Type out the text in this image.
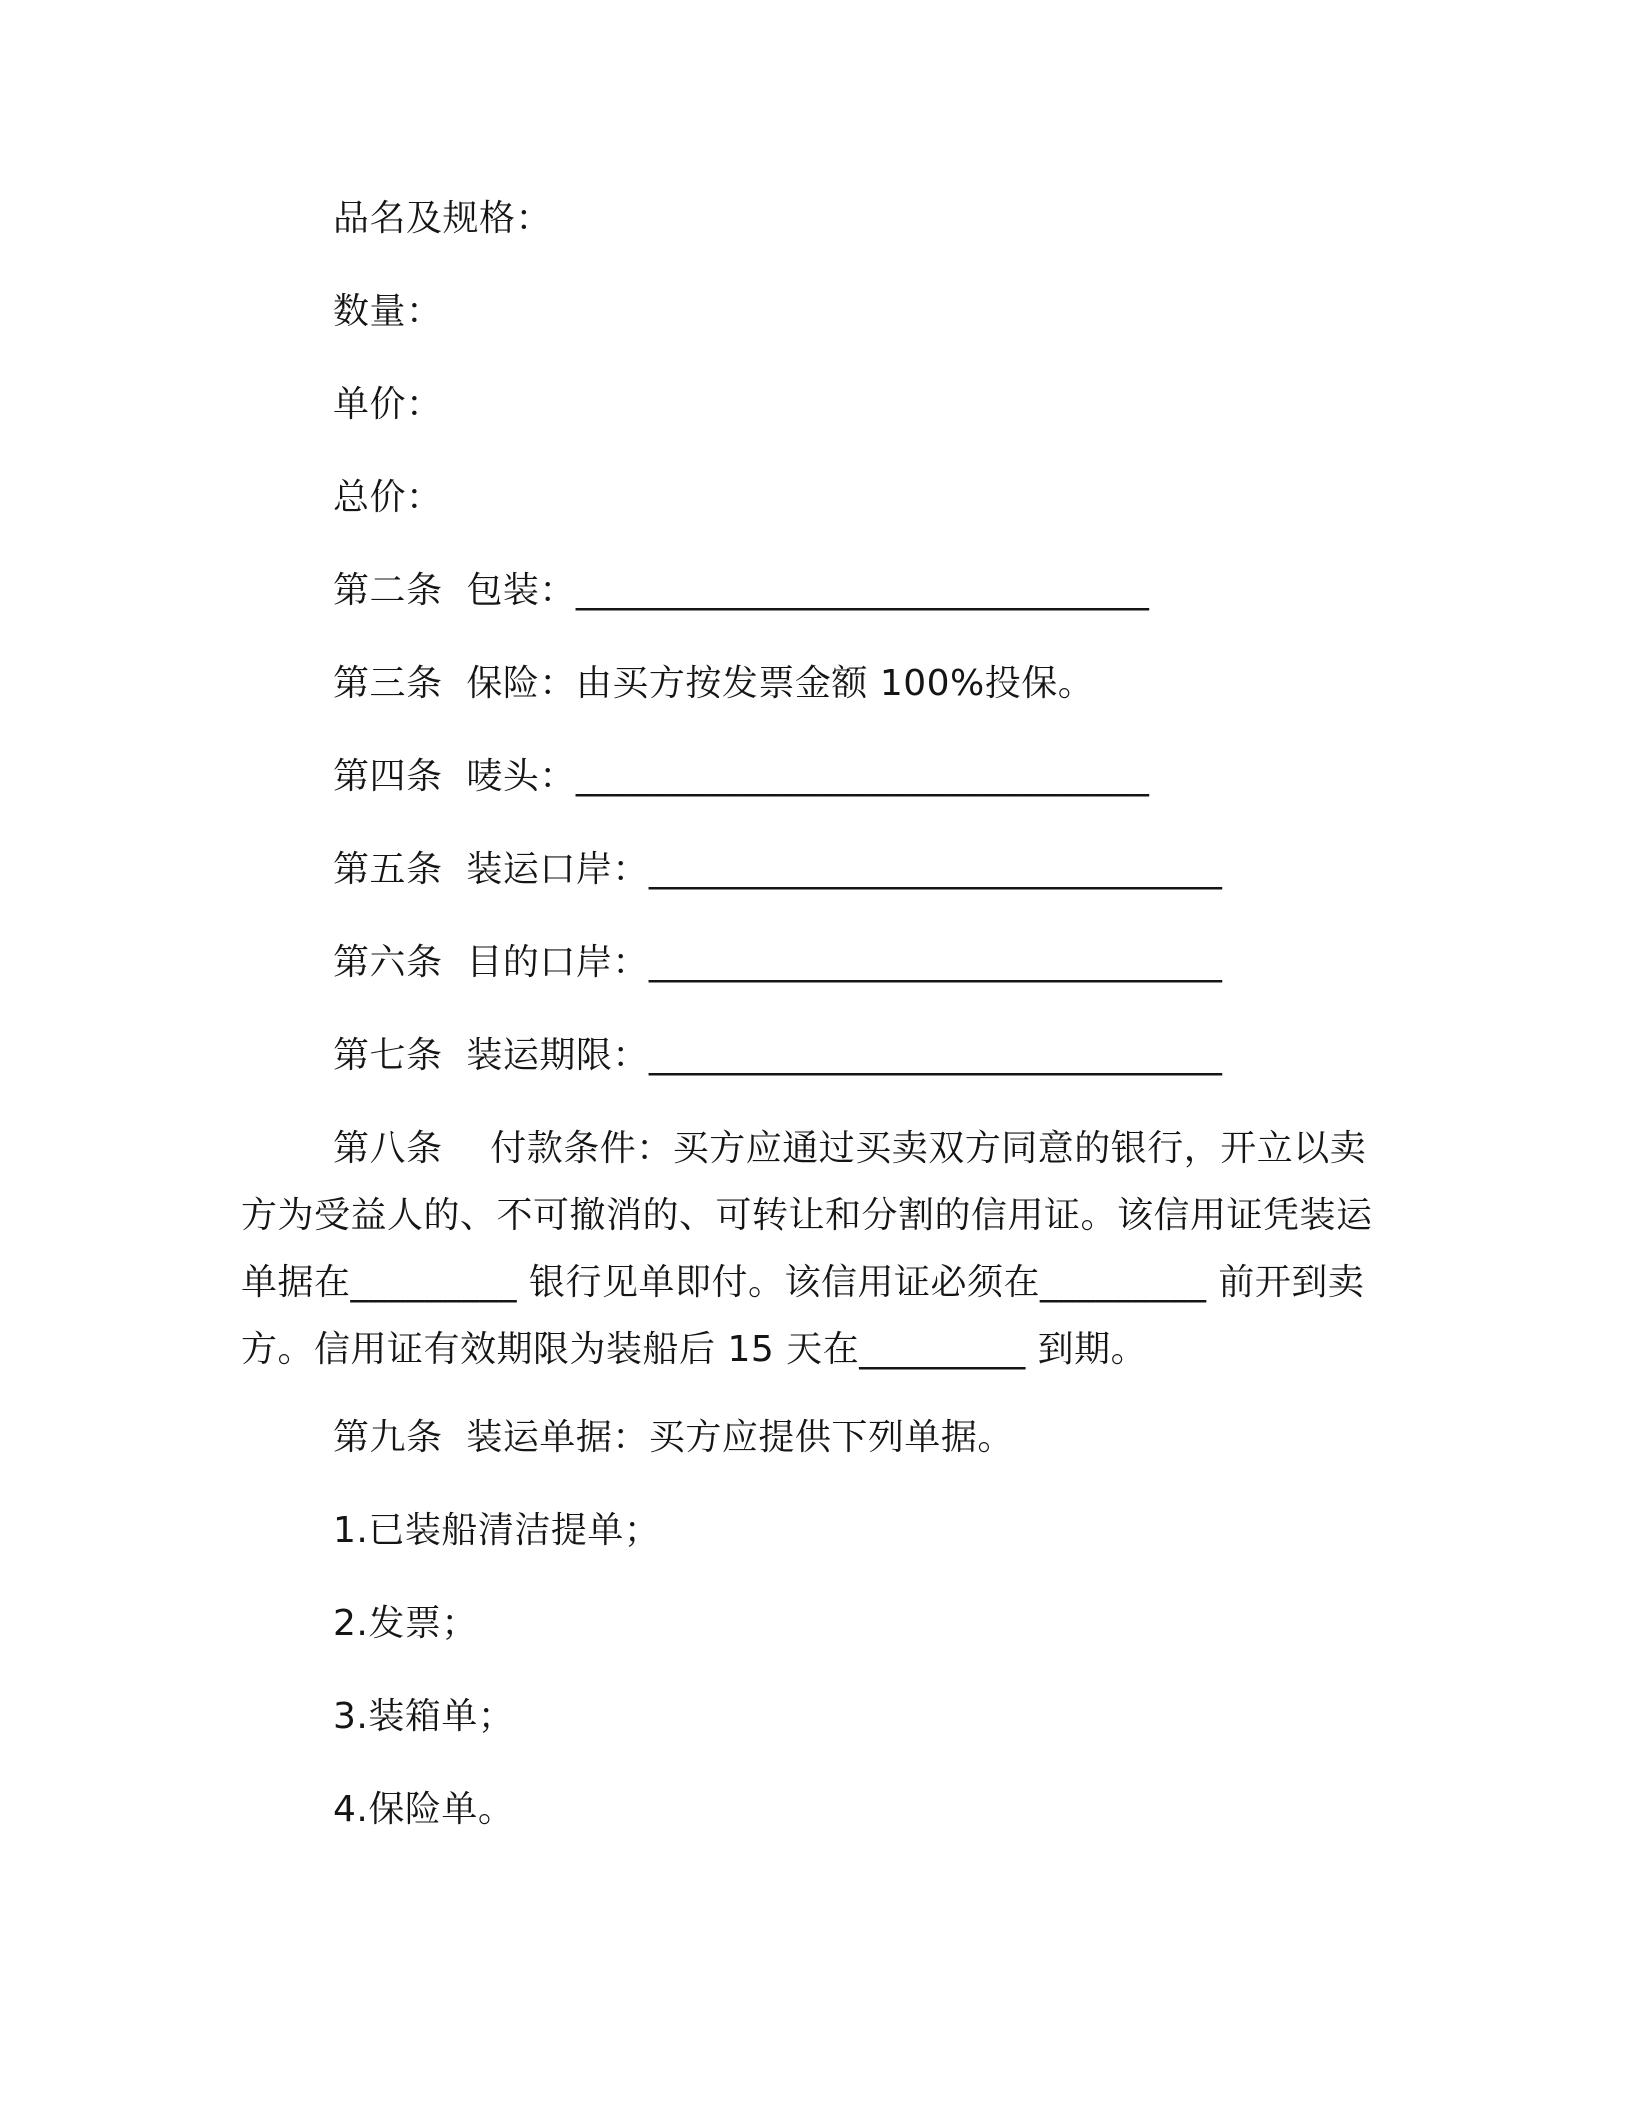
品名及规格：
数量：
单价：
总价：
第二条  包装：_______________________________
第三条  保险：由买方按发票金额 100%投保。
第四条  唛头：_______________________________
第五条  装运口岸：_______________________________
第六条  目的口岸：_______________________________
第七条  装运期限：_______________________________
第八条    付款条件：买方应通过买卖双方同意的银行，开立以卖方为受益人的、不可撤消的、可转让和分割的信用证。该信用证凭装运单据在_________ 银行见单即付。该信用证必须在_________ 前开到卖方。信用证有效期限为装船后 15 天在_________ 到期。
第九条  装运单据：买方应提供下列单据。
1.已装船清洁提单；
2.发票；
3.装箱单；
4.保险单。
